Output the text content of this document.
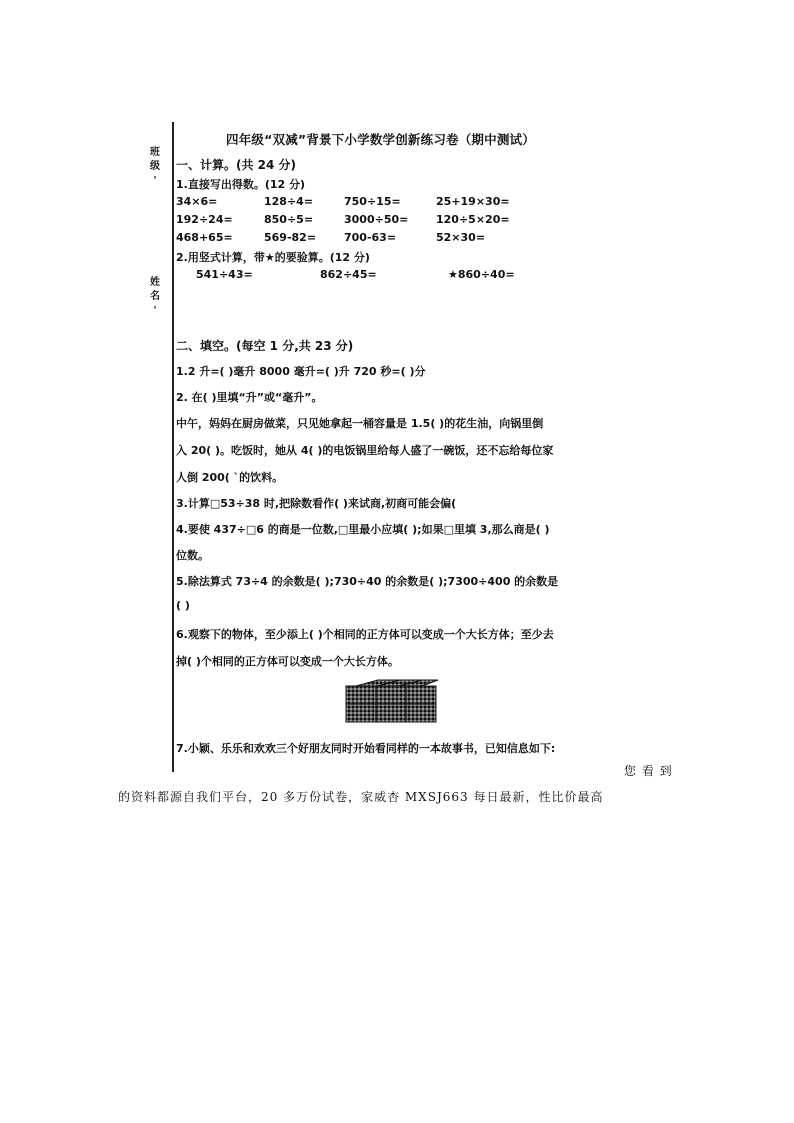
班级
'
姓名
'
四年级“双减”背景下小学数学创新练习卷（期中测试）
一、计算。(共 24 分)
1.直接写出得数。(12 分)
34×6=	128÷4=	750÷15=	25+19×30=
192÷24=	850÷5=	3000÷50=	120÷5×20=
468+65=	569-82=	700-63=	52×30=
2.用竖式计算，带★的要验算。(12 分)
541÷43=	862÷45=	★860÷40=
二、填空。(每空 1 分,共 23 分)
1.2 升=( )毫升 8000 毫升=( )升 720 秒=( )分
2. 在( )里填“升”或“毫升”。
中午，妈妈在厨房做菜，只见她拿起一桶容量是 1.5( )的花生油，向锅里倒
入 20( )。吃饭时，她从 4( )的电饭锅里给每人盛了一碗饭，还不忘给每位家
人倒 200( `的饮料。
3.计算□53÷38 时,把除数看作( )来试商,初商可能会偏(
4.要使 437÷□6 的商是一位数,□里最小应填( );如果□里填 3,那么商是( )
位数。
5.除法算式 73÷4 的余数是( );730÷40 的余数是( );7300÷400 的余数是
( )
6.观察下的物体，至少添上( )个相同的正方体可以变成一个大长方体；至少去
掉( )个相同的正方体可以变成一个大长方体。
7.小颖、乐乐和欢欢三个好朋友同时开始看同样的一本故事书，已知信息如下:
您 看 到
的资料都源自我们平台，20 多万份试卷，家威杏 MXSJ663 每日最新，性比价最高
